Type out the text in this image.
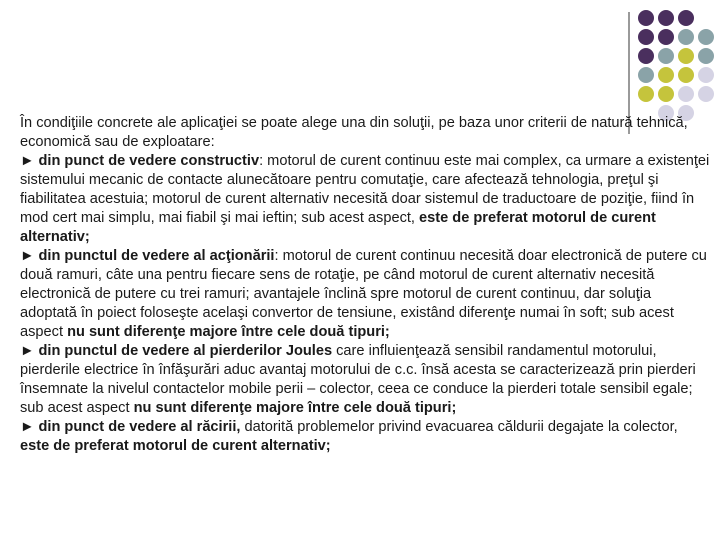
În condiţiile concrete ale aplicaţiei se poate alege una din soluţii, pe baza unor criterii de natură tehnică, economică sau de exploatare:

► din punct de vedere constructiv: motorul de curent continuu este mai complex, ca urmare a existenţei sistemului mecanic de contacte alunecătoare pentru comutaţie, care afectează tehnologia, preţul şi fiabilitatea acestuia; motorul de curent alternativ necesită doar sistemul de traductoare de poziţie, fiind în mod cert mai simplu, mai fiabil şi mai ieftin; sub acest aspect, este de preferat motorul de curent alternativ;

► din punctul de vedere al acţionării: motorul de curent continuu necesită doar electronică de putere cu două ramuri, câte una pentru fiecare sens de rotaţie, pe când motorul de curent alternativ necesită electronică de putere cu trei ramuri; avantajele înclină spre motorul de curent continuu, dar soluţia adoptată în poiect foloseşte acelaşi convertor de tensiune, existând diferenţe numai în soft; sub acest aspect nu sunt diferenţe majore între cele două tipuri;

► din punctul de vedere al pierderilor Joules care influienţează sensibil randamentul motorului, pierderile electrice în înfăşurări aduc avantaj motorului de c.c. însă acesta se caracterizează prin pierderi însemnate la nivelul contactelor mobile perii – colector, ceea ce conduce la pierderi totale sensibil egale; sub acest aspect nu sunt diferenţe majore între cele două tipuri;

► din punct de vedere al răcirii, datorită problemelor privind evacuarea căldurii degajate la colector, este de preferat motorul de curent alternativ;
